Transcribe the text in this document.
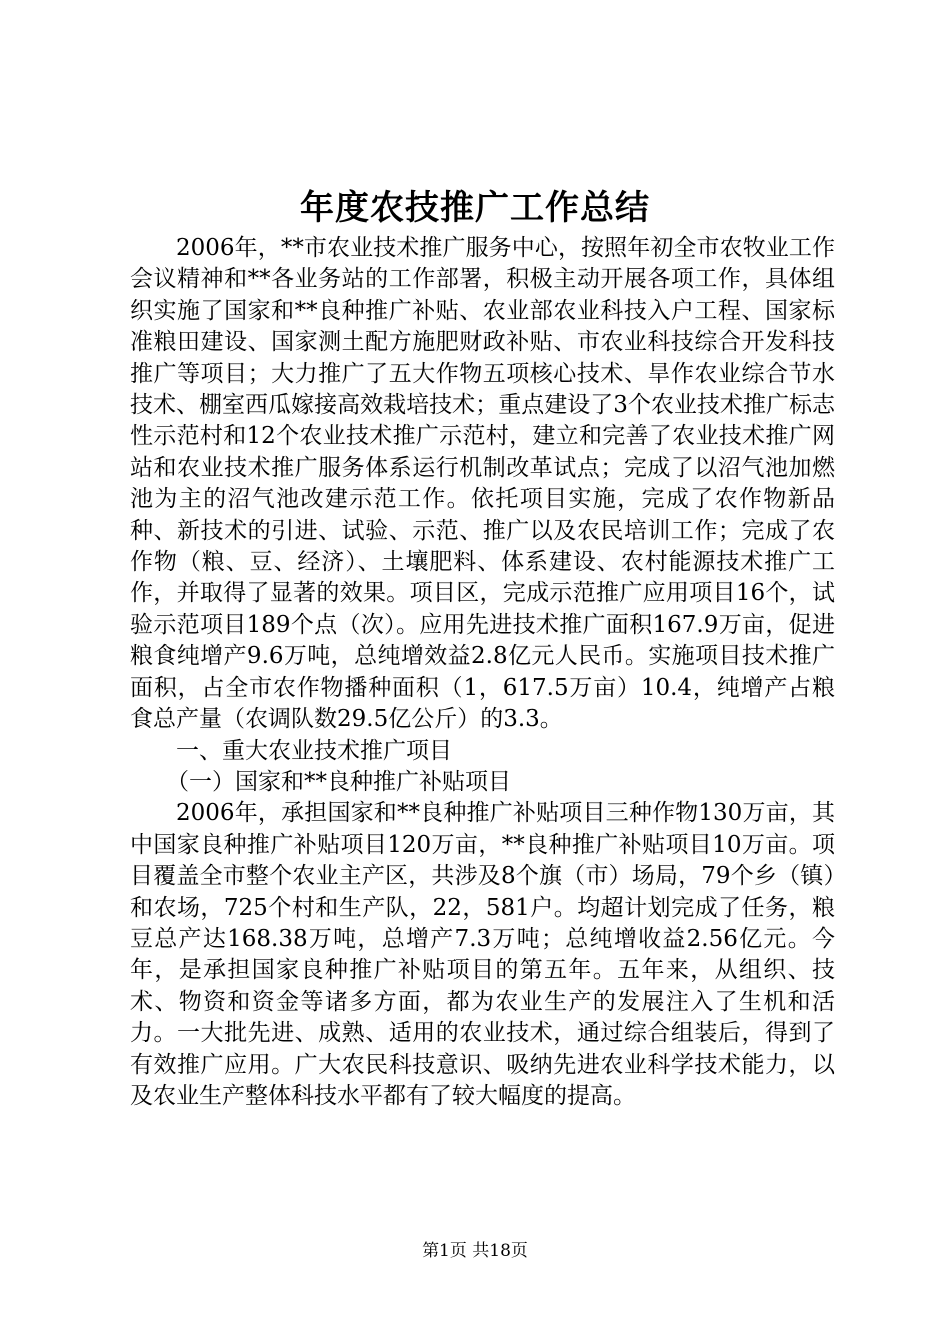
年度农技推广工作总结

2006年，**市农业技术推广服务中心，按照年初全市农牧业工作会议精神和**各业务站的工作部署，积极主动开展各项工作，具体组织实施了国家和**良种推广补贴、农业部农业科技入户工程、国家标准粮田建设、国家测土配方施肥财政补贴、市农业科技综合开发科技推广等项目；大力推广了五大作物五项核心技术、旱作农业综合节水技术、棚室西瓜嫁接高效栽培技术；重点建设了3个农业技术推广标志性示范村和12个农业技术推广示范村，建立和完善了农业技术推广网站和农业技术推广服务体系运行机制改革试点；完成了以沼气池加燃池为主的沼气池改建示范工作。依托项目实施，完成了农作物新品种、新技术的引进、试验、示范、推广以及农民培训工作；完成了农作物（粮、豆、经济）、土壤肥料、体系建设、农村能源技术推广工作，并取得了显著的效果。项目区，完成示范推广应用项目16个，试验示范项目189个点（次）。应用先进技术推广面积167.9万亩，促进粮食纯增产9.6万吨，总纯增效益2.8亿元人民币。实施项目技术推广面积，占全市农作物播种面积（1，617.5万亩）10.4，纯增产占粮食总产量（农调队数29.5亿公斤）的3.3。

一、重大农业技术推广项目

（一）国家和**良种推广补贴项目

2006年，承担国家和**良种推广补贴项目三种作物130万亩，其中国家良种推广补贴项目120万亩，**良种推广补贴项目10万亩。项目覆盖全市整个农业主产区，共涉及8个旗（市）场局，79个乡（镇）和农场，725个村和生产队，22，581户。均超计划完成了任务，粮豆总产达168.38万吨，总增产7.3万吨；总纯增收益2.56亿元。今年，是承担国家良种推广补贴项目的第五年。五年来，从组织、技术、物资和资金等诸多方面，都为农业生产的发展注入了生机和活力。一大批先进、成熟、适用的农业技术，通过综合组装后，得到了有效推广应用。广大农民科技意识、吸纳先进农业科学技术能力，以及农业生产整体科技水平都有了较大幅度的提高。

第1页 共18页
